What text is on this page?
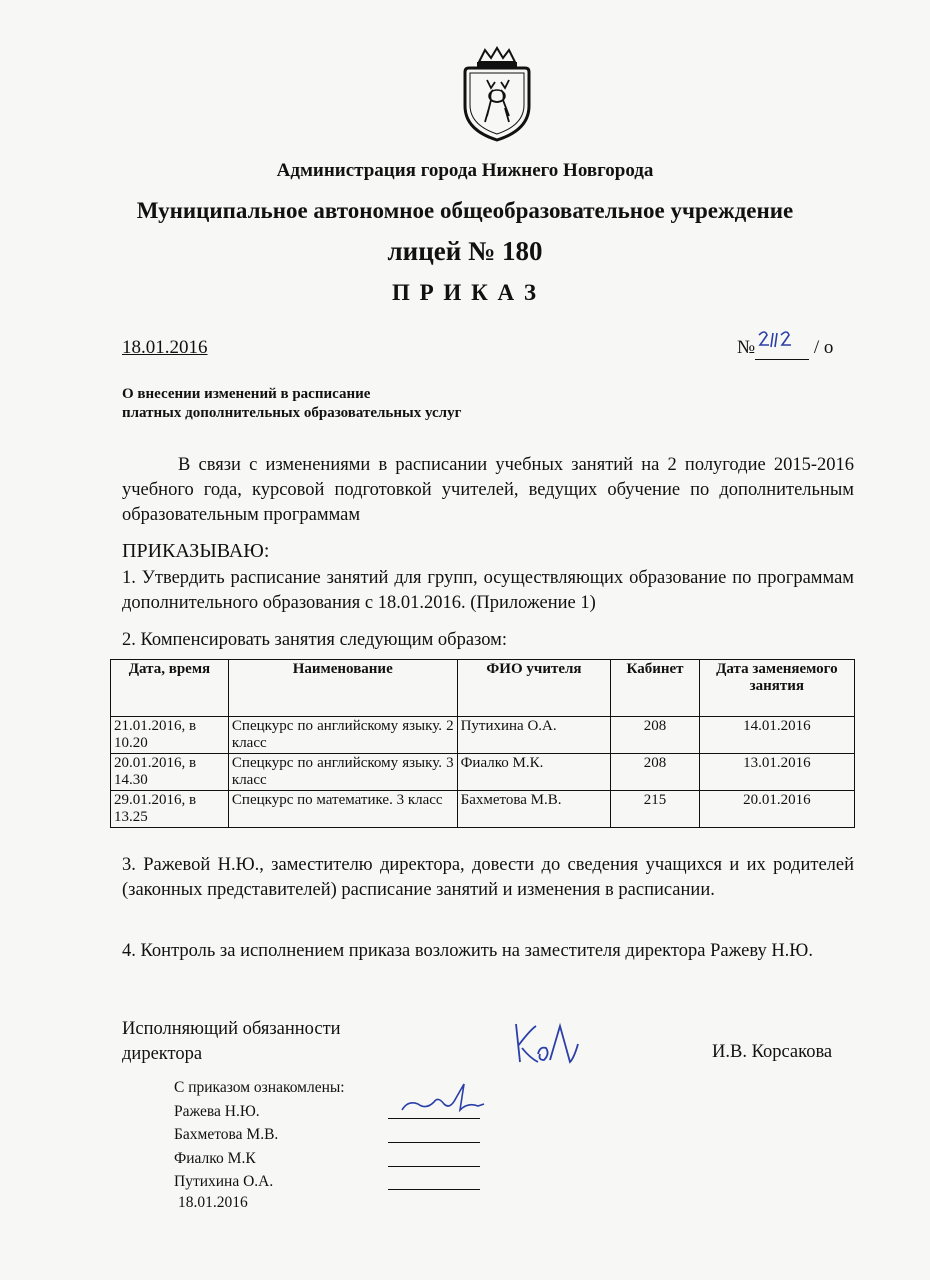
Администрация города Нижнего Новгорода
Муниципальное автономное общеобразовательное учреждение
лицей № 180
П Р И К А З
18.01.2016	№	/ о
О внесении изменений в расписание
платных дополнительных образовательных услуг
В связи с изменениями в расписании учебных занятий на 2 полугодие 2015-2016 учебного года, курсовой подготовкой учителей, ведущих обучение по дополнительным образовательным программам
ПРИКАЗЫВАЮ:
1. Утвердить расписание занятий для групп, осуществляющих образование по программам дополнительного образования с 18.01.2016. (Приложение 1)
2. Компенсировать занятия следующим образом:
Дата, время	Наименование	ФИО учителя	Кабинет	Дата заменяемого занятия
21.01.2016, в 10.20	Спецкурс по английскому языку. 2 класс	Путихина О.А.	208	14.01.2016
20.01.2016, в 14.30	Спецкурс по английскому языку. 3 класс	Фиалко М.К.	208	13.01.2016
29.01.2016, в 13.25	Спецкурс по математике. 3 класс	Бахметова М.В.	215	20.01.2016
3. Ражевой Н.Ю., заместителю директора, довести до сведения учащихся и их родителей (законных представителей) расписание занятий и изменения в расписании.
4. Контроль за исполнением приказа возложить на заместителя директора Ражеву Н.Ю.
Исполняющий обязанности
директора	И.В. Корсакова
С приказом ознакомлены:
Ражева Н.Ю.
Бахметова М.В.
Фиалко М.К
Путихина О.А.
18.01.2016
